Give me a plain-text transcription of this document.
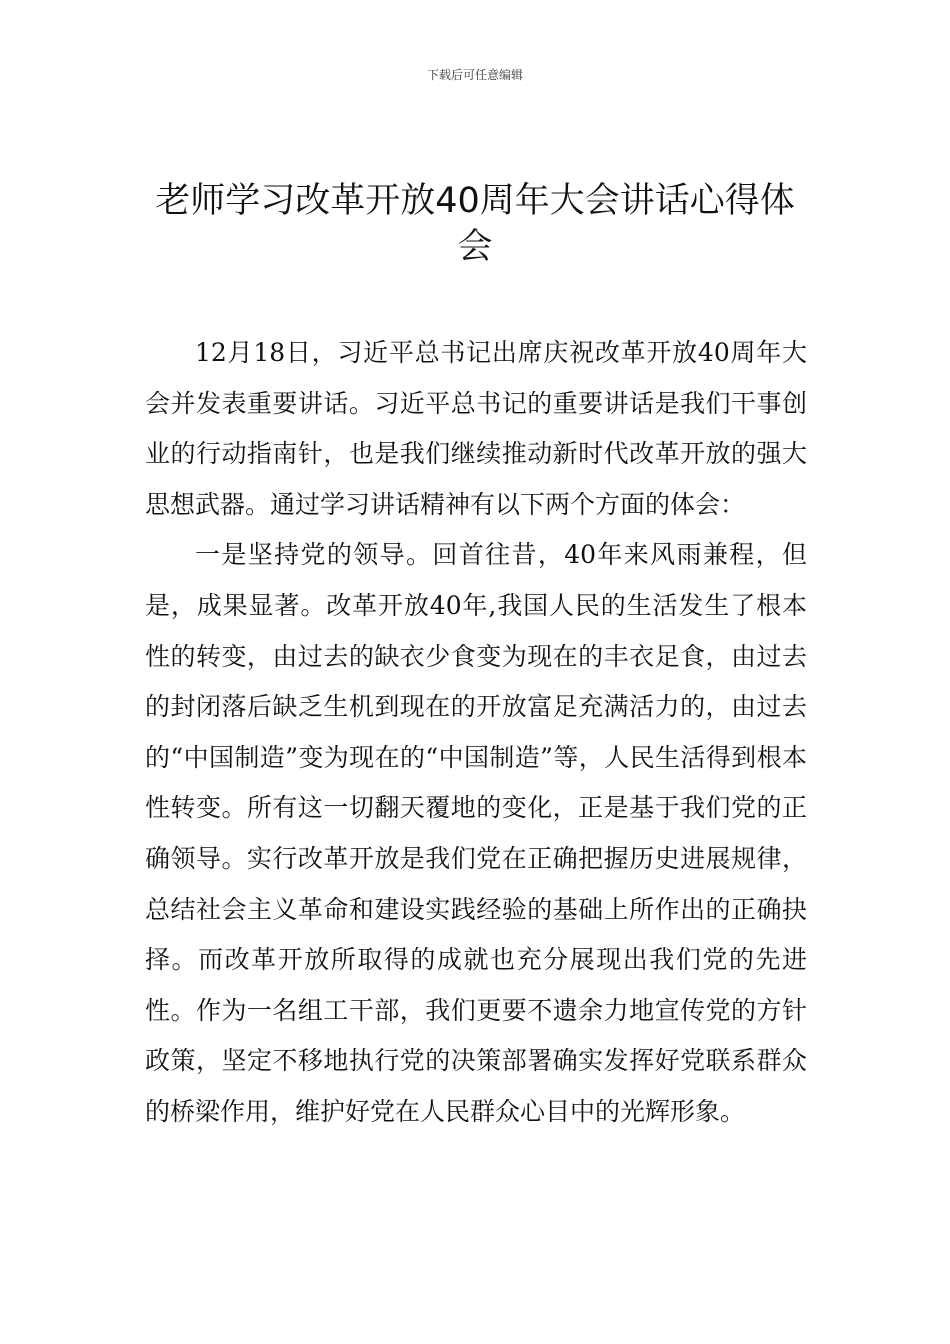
下载后可任意编辑
老师学习改革开放40周年大会讲话心得体会

12月18日，习近平总书记出席庆祝改革开放40周年大会并发表重要讲话。习近平总书记的重要讲话是我们干事创业的行动指南针，也是我们继续推动新时代改革开放的强大思想武器。通过学习讲话精神有以下两个方面的体会：

一是坚持党的领导。回首往昔，40年来风雨兼程，但是，成果显著。改革开放40年,我国人民的生活发生了根本性的转变，由过去的缺衣少食变为现在的丰衣足食，由过去的封闭落后缺乏生机到现在的开放富足充满活力的，由过去的“中国制造”变为现在的“中国制造”等，人民生活得到根本性转变。所有这一切翻天覆地的变化，正是基于我们党的正确领导。实行改革开放是我们党在正确把握历史进展规律，总结社会主义革命和建设实践经验的基础上所作出的正确抉择。而改革开放所取得的成就也充分展现出我们党的先进性。作为一名组工干部，我们更要不遗余力地宣传党的方针政策，坚定不移地执行党的决策部署确实发挥好党联系群众的桥梁作用，维护好党在人民群众心目中的光辉形象。
